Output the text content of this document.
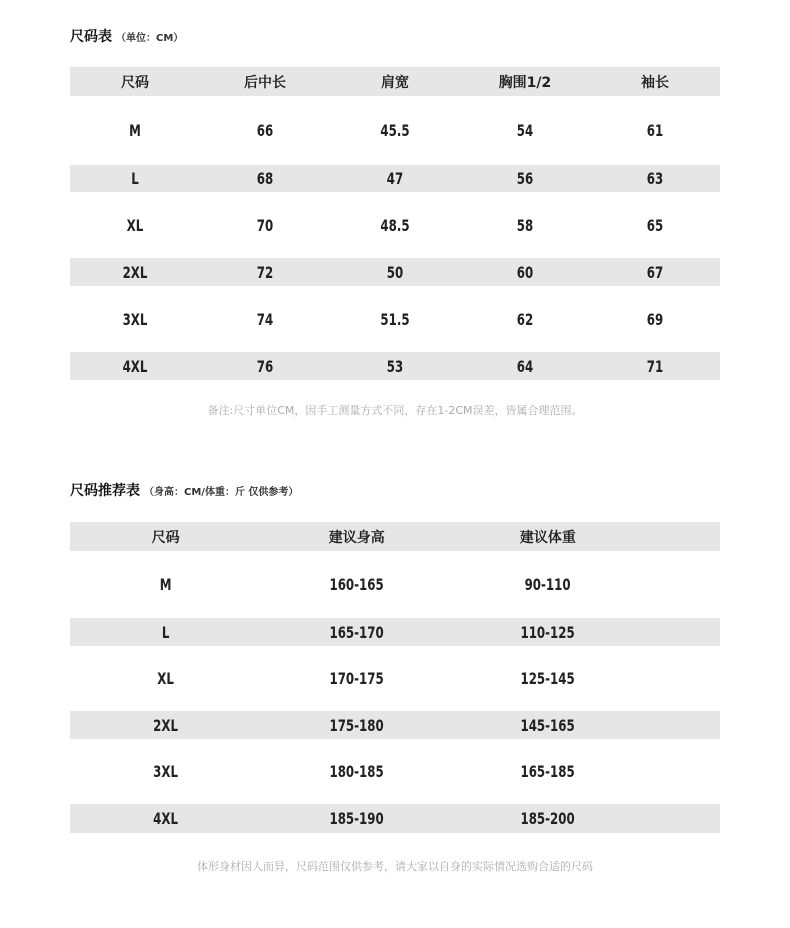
尺码表 （单位：CM）
尺码	后中长	肩宽	胸围1/2	袖长
M	66	45.5	54	61
L	68	47	56	63
XL	70	48.5	58	65
2XL	72	50	60	67
3XL	74	51.5	62	69
4XL	76	53	64	71
备注:尺寸单位CM，因手工测量方式不同，存在1-2CM误差，皆属合理范围。
尺码推荐表 （身高：CM/体重：斤 仅供参考）
尺码	建议身高	建议体重
M	160-165	90-110
L	165-170	110-125
XL	170-175	125-145
2XL	175-180	145-165
3XL	180-185	165-185
4XL	185-190	185-200
体形身材因人而异，尺码范围仅供参考，请大家以自身的实际情况选购合适的尺码
